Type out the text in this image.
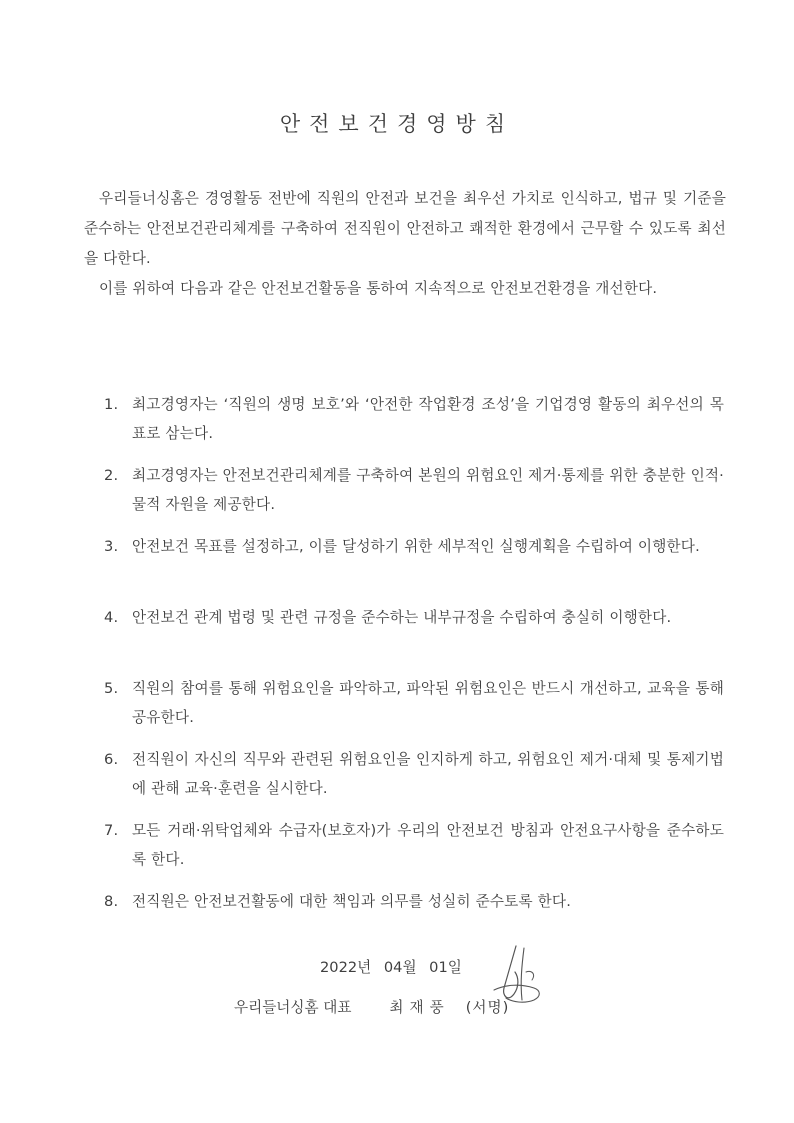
안전보건경영방침

우리들너싱홈은 경영활동 전반에 직원의 안전과 보건을 최우선 가치로 인식하고, 법규 및 기준을 준수하는 안전보건관리체계를 구축하여 전직원이 안전하고 쾌적한 환경에서 근무할 수 있도록 최선을 다한다.

이를 위하여 다음과 같은 안전보건활동을 통하여 지속적으로 안전보건환경을 개선한다.

1. 최고경영자는 ‘직원의 생명 보호’와 ‘안전한 작업환경 조성’을 기업경영 활동의 최우선의 목표로 삼는다.
2. 최고경영자는 안전보건관리체계를 구축하여 본원의 위험요인 제거·통제를 위한 충분한 인적·물적 자원을 제공한다.
3. 안전보건 목표를 설정하고, 이를 달성하기 위한 세부적인 실행계획을 수립하여 이행한다.
4. 안전보건 관계 법령 및 관련 규정을 준수하는 내부규정을 수립하여 충실히 이행한다.
5. 직원의 참여를 통해 위험요인을 파악하고, 파악된 위험요인은 반드시 개선하고, 교육을 통해 공유한다.
6. 전직원이 자신의 직무와 관련된 위험요인을 인지하게 하고, 위험요인 제거·대체 및 통제기법에 관해 교육·훈련을 실시한다.
7. 모든 거래·위탁업체와 수급자(보호자)가 우리의 안전보건 방침과 안전요구사항을 준수하도록 한다.
8. 전직원은 안전보건활동에 대한 책임과 의무를 성실히 준수토록 한다.
2022년 04월 01일
우리들너싱홈 대표	최재풍 (서명)
